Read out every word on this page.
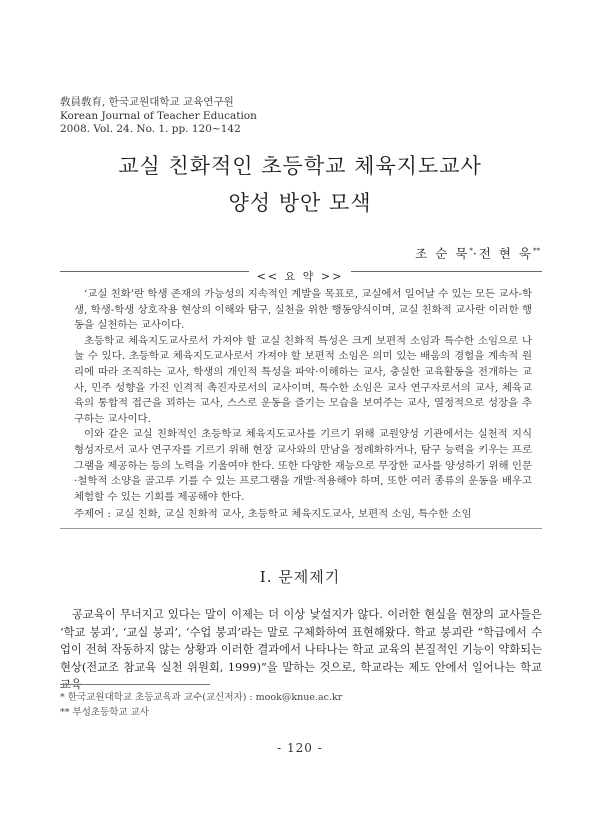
敎員敎育, 한국교원대학교 교육연구원
Korean Journal of Teacher Education
2008. Vol. 24. No. 1. pp. 120~142
교실 친화적인 초등학교 체육지도교사
양성 방안 모색
조 순 묵*·전 현 욱**
<< 요 약 >>

‘교실 친화’란 학생 존재의 가능성의 지속적인 계발을 목표로, 교실에서 일어날 수 있는 모든 교사-학생, 학생-학생 상호작용 현상의 이해와 탐구, 실천을 위한 행동양식이며, 교실 친화적 교사란 이러한 행동을 실천하는 교사이다.

초등학교 체육지도교사로서 가져야 할 교실 친화적 특성은 크게 보편적 소임과 특수한 소임으로 나눌 수 있다. 초등학교 체육지도교사로서 가져야 할 보편적 소임은 의미 있는 배움의 경험을 계속적 원리에 따라 조직하는 교사, 학생의 개인적 특성을 파악·이해하는 교사, 충실한 교육활동을 전개하는 교사, 민주 성향을 가진 인격적 촉진자로서의 교사이며, 특수한 소임은 교사 연구자로서의 교사, 체육교육의 통합적 접근을 꾀하는 교사, 스스로 운동을 즐기는 모습을 보여주는 교사, 열정적으로 성장을 추구하는 교사이다.

이와 같은 교실 친화적인 초등학교 체육지도교사를 기르기 위해 교원양성 기관에서는 실천적 지식 형성자로서 교사 연구자를 기르기 위해 현장 교사와의 만남을 정례화하거나, 탐구 능력을 키우는 프로그램을 제공하는 등의 노력을 기울여야 한다. 또한 다양한 재능으로 무장한 교사를 양성하기 위해 인문·철학적 소양을 골고루 기를 수 있는 프로그램을 개발·적용해야 하며, 또한 여러 종류의 운동을 배우고 체험할 수 있는 기회를 제공해야 한다.

주제어 : 교실 친화, 교실 친화적 교사, 초등학교 체육지도교사, 보편적 소임, 특수한 소임
Ⅰ. 문제제기

공교육이 무너지고 있다는 말이 이제는 더 이상 낯설지가 않다. 이러한 현실을 현장의 교사들은 ‘학교 붕괴’, ‘교실 붕괴’, ‘수업 붕괴’라는 말로 구체화하여 표현해왔다. 학교 붕괴란 “학급에서 수업이 전혀 작동하지 않는 상황과 이러한 결과에서 나타나는 학교 교육의 본질적인 기능이 약화되는 현상(전교조 참교육 실천 위원회, 1999)”을 말하는 것으로, 학교라는 제도 안에서 일어나는 학교교육

* 한국교원대학교 초등교육과 교수(교신저자) : mook@knue.ac.kr
** 부성초등학교 교사
- 120 -
